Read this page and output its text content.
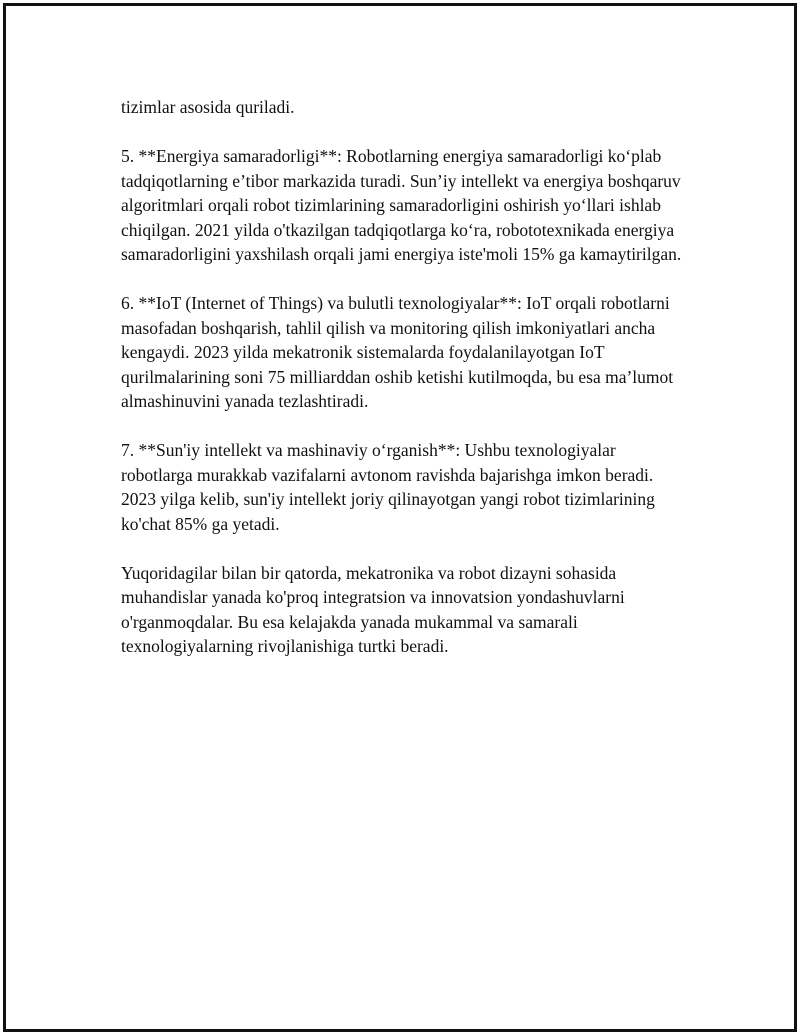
tizimlar asosida quriladi.

5. **Energiya samaradorligi**: Robotlarning energiya samaradorligi ko‘plab tadqiqotlarning e’tibor markazida turadi. Sun’iy intellekt va energiya boshqaruv algoritmlari orqali robot tizimlarining samaradorligini oshirish yo‘llari ishlab chiqilgan. 2021 yilda o'tkazilgan tadqiqotlarga ko‘ra, robototexnikada energiya samaradorligini yaxshilash orqali jami energiya iste'moli 15% ga kamaytirilgan.

6. **IoT (Internet of Things) va bulutli texnologiyalar**: IoT orqali robotlarni masofadan boshqarish, tahlil qilish va monitoring qilish imkoniyatlari ancha kengaydi. 2023 yilda mekatronik sistemalarda foydalanilayotgan IoT qurilmalarining soni 75 milliarddan oshib ketishi kutilmoqda, bu esa ma’lumot almashinuvini yanada tezlashtiradi.

7. **Sun'iy intellekt va mashinaviy o‘rganish**: Ushbu texnologiyalar robotlarga murakkab vazifalarni avtonom ravishda bajarishga imkon beradi. 2023 yilga kelib, sun'iy intellekt joriy qilinayotgan yangi robot tizimlarining ko'chat 85% ga yetadi.

Yuqoridagilar bilan bir qatorda, mekatronika va robot dizayni sohasida muhandislar yanada ko'proq integratsion va innovatsion yondashuvlarni o'rganmoqdalar. Bu esa kelajakda yanada mukammal va samarali texnologiyalarning rivojlanishiga turtki beradi.
